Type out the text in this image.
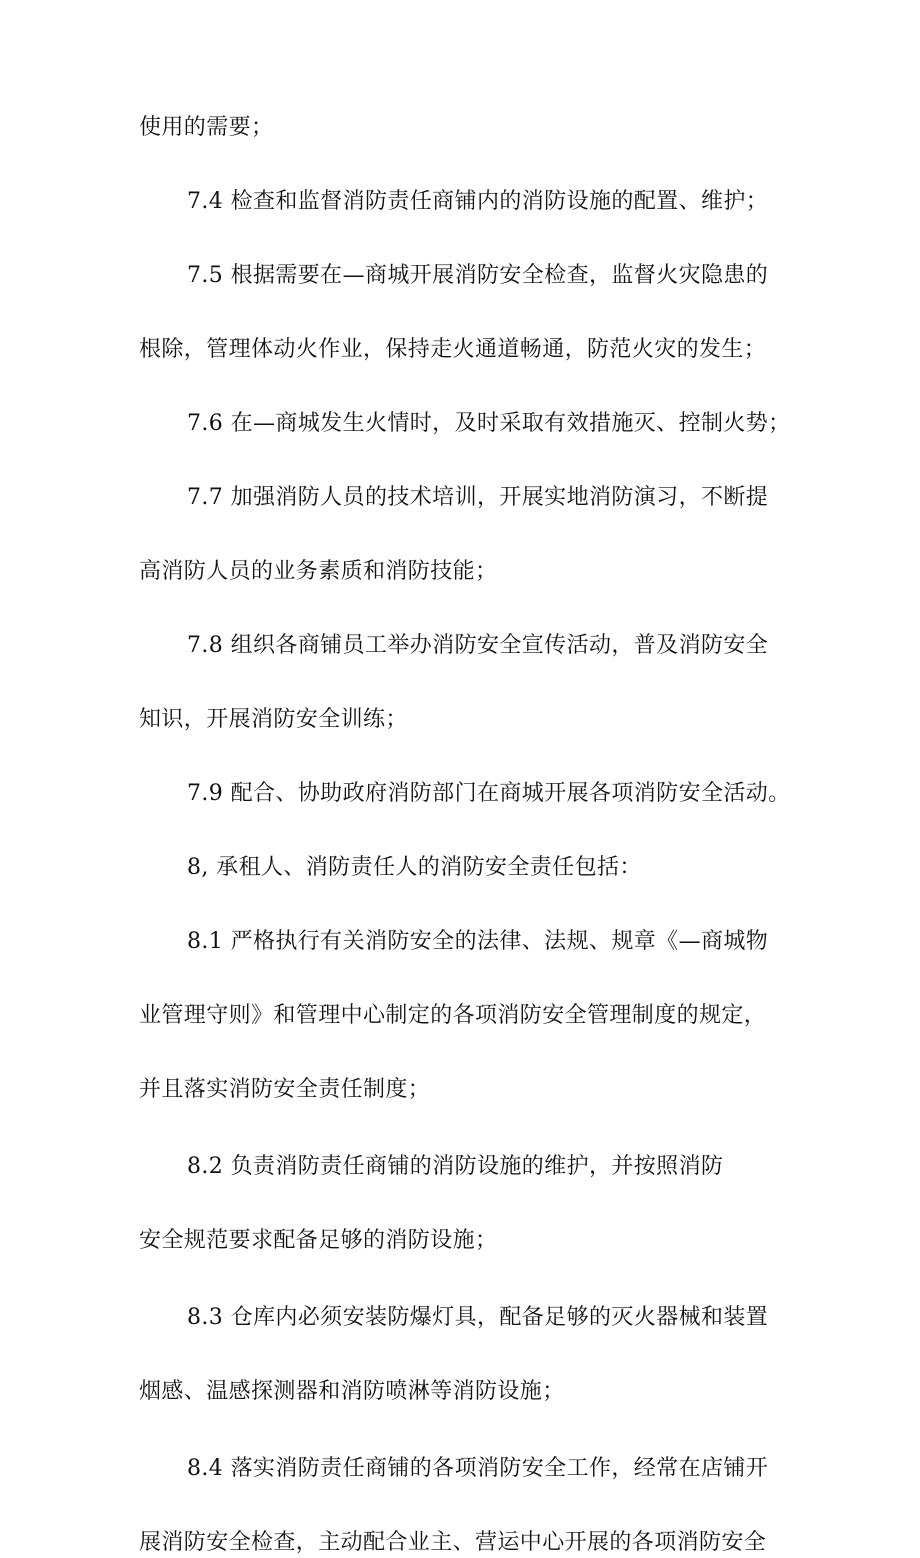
使用的需要；
7.4 检查和监督消防责任商铺内的消防设施的配置、维护；
7.5 根据需要在—商城开展消防安全检查，监督火灾隐患的
根除，管理体动火作业，保持走火通道畅通，防范火灾的发生；
7.6 在—商城发生火情时，及时采取有效措施灭、控制火势；
7.7 加强消防人员的技术培训，开展实地消防演习，不断提
高消防人员的业务素质和消防技能；
7.8 组织各商铺员工举办消防安全宣传活动，普及消防安全
知识，开展消防安全训练；
7.9 配合、协助政府消防部门在商城开展各项消防安全活动。
8, 承租人、消防责任人的消防安全责任包括：
8.1 严格执行有关消防安全的法律、法规、规章《—商城物
业管理守则》和管理中心制定的各项消防安全管理制度的规定，
并且落实消防安全责任制度；
8.2 负责消防责任商铺的消防设施的维护，并按照消防
安全规范要求配备足够的消防设施；
8.3 仓库内必须安装防爆灯具，配备足够的灭火器械和装置
烟感、温感探测器和消防喷淋等消防设施；
8.4 落实消防责任商铺的各项消防安全工作，经常在店铺开
展消防安全检查，主动配合业主、营运中心开展的各项消防安全
